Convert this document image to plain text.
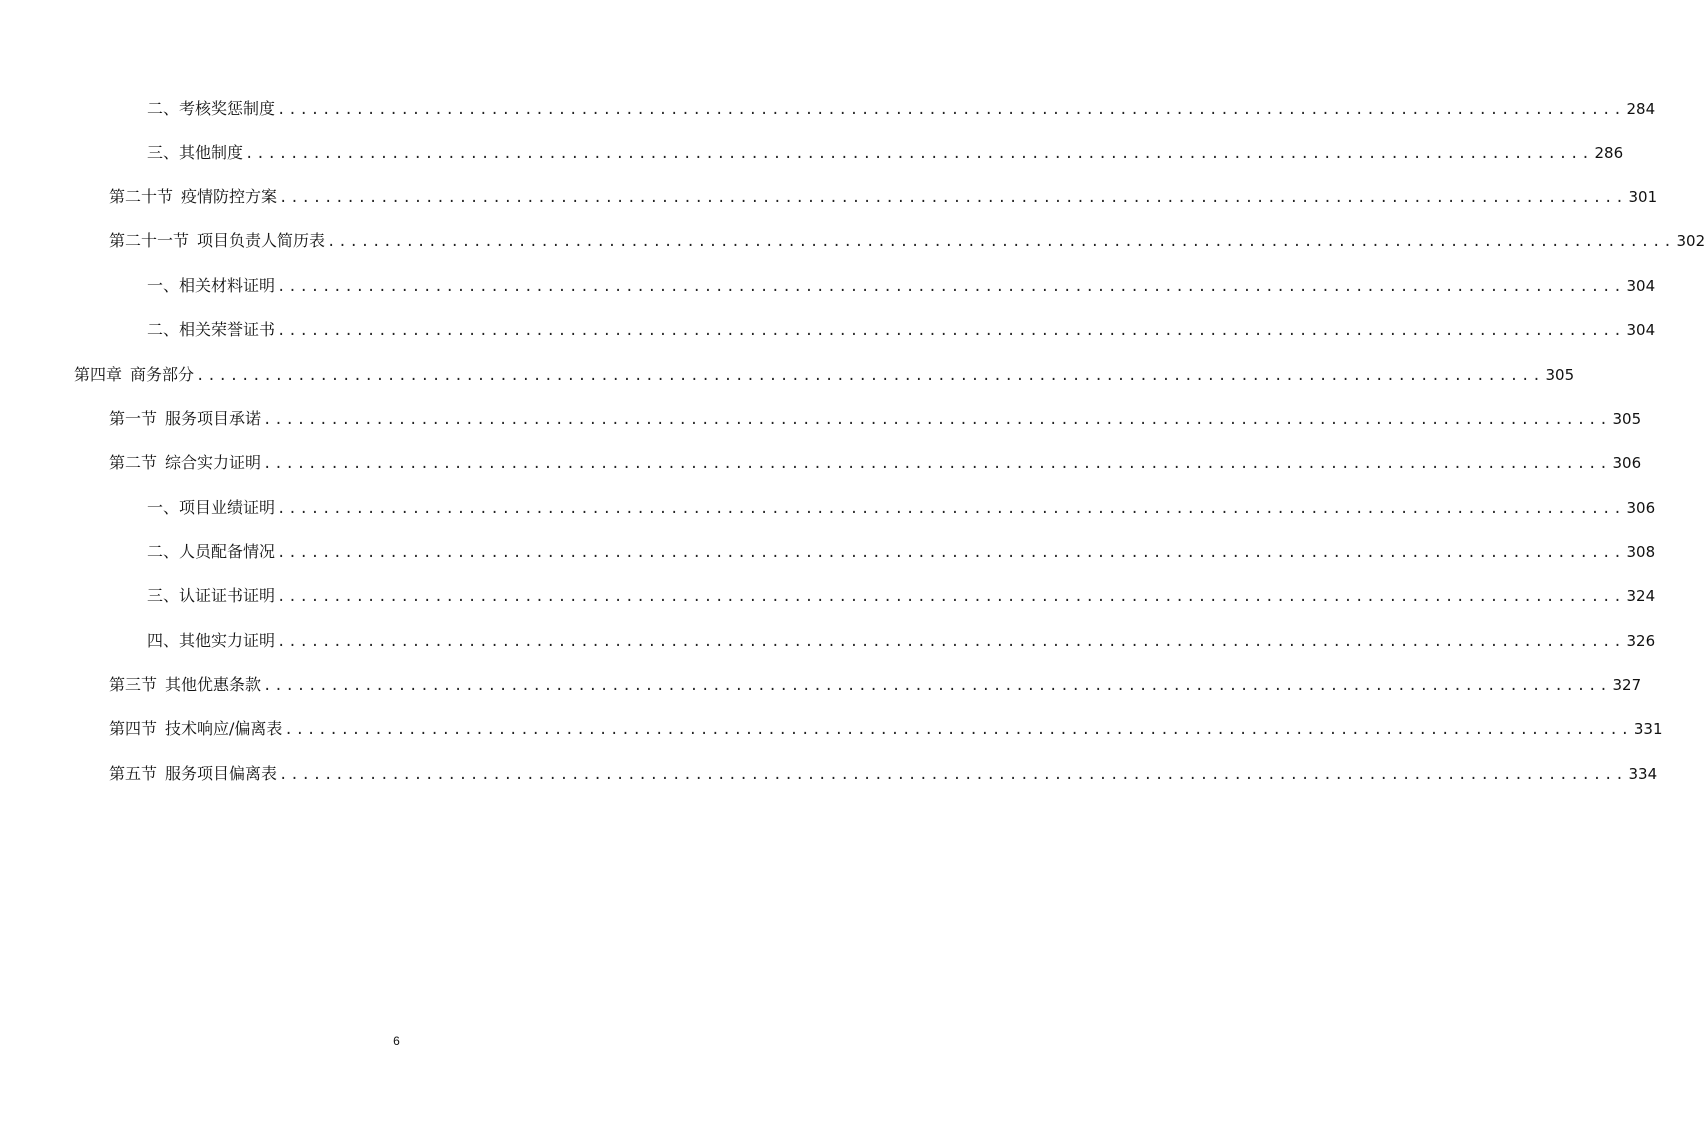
二、 考核奖惩制度 ........................................................................................................................ 284
三、 其他制度 ........................................................................................................................ 286
第二十节 疫情防控方案 ........................................................................................................................ 301
第二十一节 项目负责人简历表 ........................................................................................................................ 302
一、 相关材料证明 ........................................................................................................................ 304
二、 相关荣誉证书 ........................................................................................................................ 304
第四章 商务部分 ........................................................................................................................ 305
第一节 服务项目承诺 ........................................................................................................................ 305
第二节 综合实力证明 ........................................................................................................................ 306
一、 项目业绩证明 ........................................................................................................................ 306
二、 人员配备情况 ........................................................................................................................ 308
三、 认证证书证明 ........................................................................................................................ 324
四、 其他实力证明 ........................................................................................................................ 326
第三节 其他优惠条款 ........................................................................................................................ 327
第四节 技术响应/偏离表 ........................................................................................................................ 331
第五节 服务项目偏离表 ........................................................................................................................ 334
6
